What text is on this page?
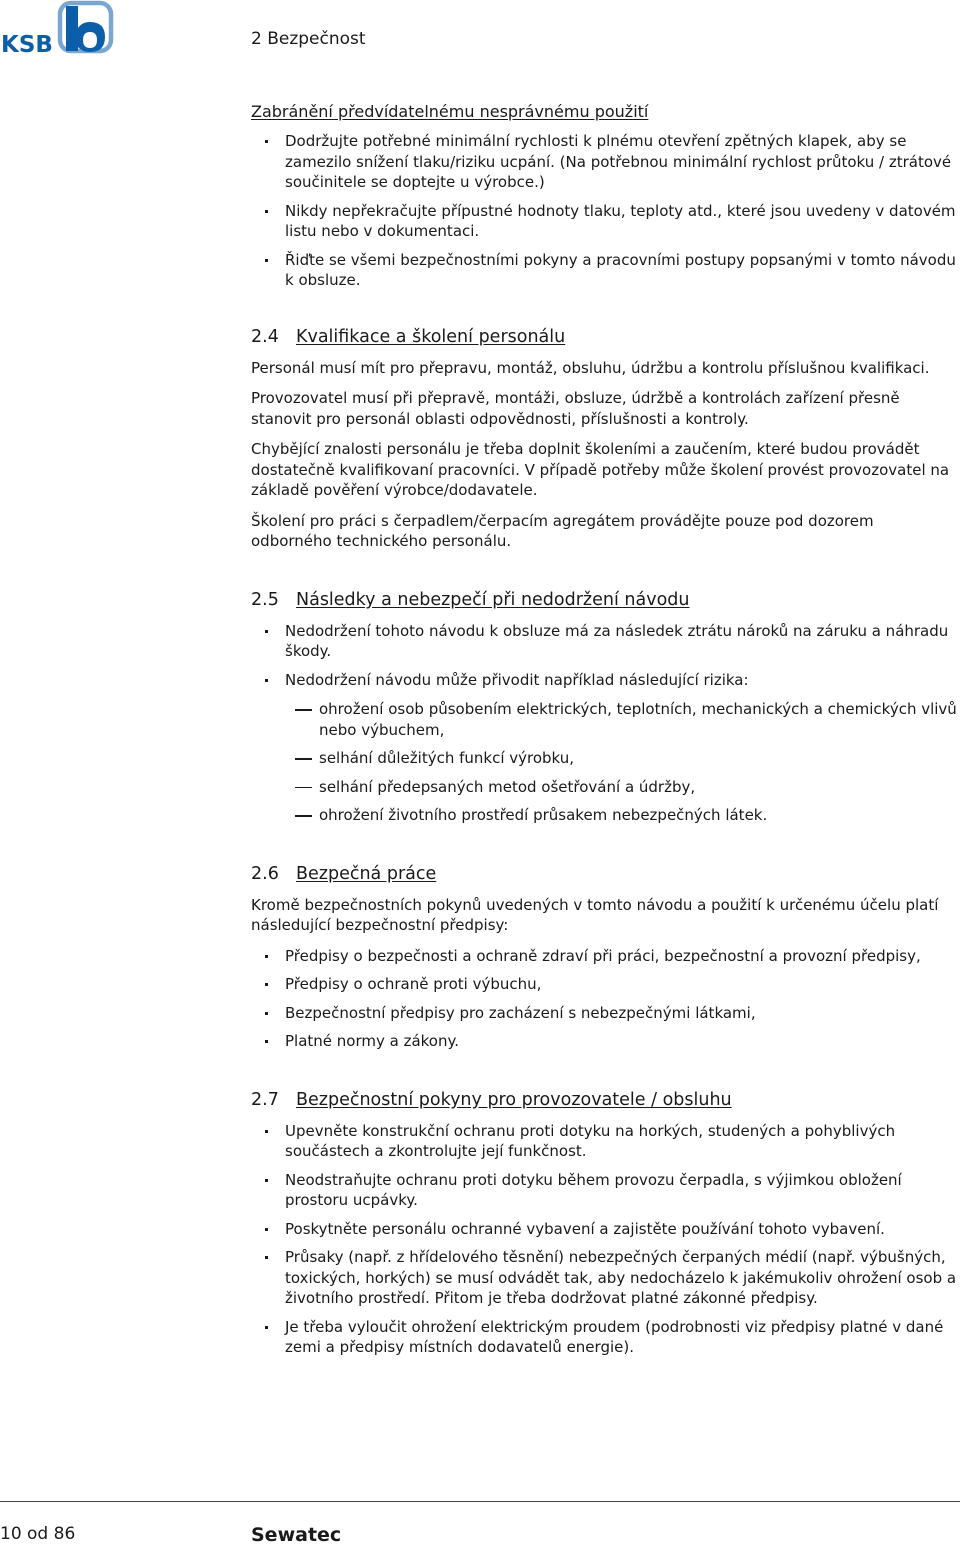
KSB	2 Bezpečnost
Zabránění předvídatelnému nesprávnému použití
Dodržujte potřebné minimální rychlosti k plnému otevření zpětných klapek, aby se zamezilo snížení tlaku/riziku ucpání. (Na potřebnou minimální rychlost průtoku / ztrátové součinitele se doptejte u výrobce.)
Nikdy nepřekračujte přípustné hodnoty tlaku, teploty atd., které jsou uvedeny v datovém listu nebo v dokumentaci.
Řiďte se všemi bezpečnostními pokyny a pracovními postupy popsanými v tomto návodu k obsluze.
2.4 Kvalifikace a školení personálu

Personál musí mít pro přepravu, montáž, obsluhu, údržbu a kontrolu příslušnou kvalifikaci.

Provozovatel musí při přepravě, montáži, obsluze, údržbě a kontrolách zařízení přesně stanovit pro personál oblasti odpovědnosti, příslušnosti a kontroly.

Chybějící znalosti personálu je třeba doplnit školeními a zaučením, které budou provádět dostatečně kvalifikovaní pracovníci. V případě potřeby může školení provést provozovatel na základě pověření výrobce/dodavatele.

Školení pro práci s čerpadlem/čerpacím agregátem provádějte pouze pod dozorem odborného technického personálu.

2.5 Následky a nebezpečí při nedodržení návodu
Nedodržení tohoto návodu k obsluze má za následek ztrátu nároků na záruku a náhradu škody.
Nedodržení návodu může přivodit například následující rizika:
ohrožení osob působením elektrických, teplotních, mechanických a chemických vlivů nebo výbuchem,
selhání důležitých funkcí výrobku,
selhání předepsaných metod ošetřování a údržby,
ohrožení životního prostředí průsakem nebezpečných látek.
2.6 Bezpečná práce

Kromě bezpečnostních pokynů uvedených v tomto návodu a použití k určenému účelu platí následující bezpečnostní předpisy:

Předpisy o bezpečnosti a ochraně zdraví při práci, bezpečnostní a provozní předpisy,
Předpisy o ochraně proti výbuchu,
Bezpečnostní předpisy pro zacházení s nebezpečnými látkami,
Platné normy a zákony.
2.7 Bezpečnostní pokyny pro provozovatele / obsluhu
Upevněte konstrukční ochranu proti dotyku na horkých, studených a pohyblivých součástech a zkontrolujte její funkčnost.
Neodstraňujte ochranu proti dotyku během provozu čerpadla, s výjimkou obložení prostoru ucpávky.
Poskytněte personálu ochranné vybavení a zajistěte používání tohoto vybavení.
Průsaky (např. z hřídelového těsnění) nebezpečných čerpaných médií (např. výbušných, toxických, horkých) se musí odvádět tak, aby nedocházelo k jakémukoliv ohrožení osob a životního prostředí. Přitom je třeba dodržovat platné zákonné předpisy.
Je třeba vyloučit ohrožení elektrickým proudem (podrobnosti viz předpisy platné v dané zemi a předpisy místních dodavatelů energie).
10 od 86	Sewatec
